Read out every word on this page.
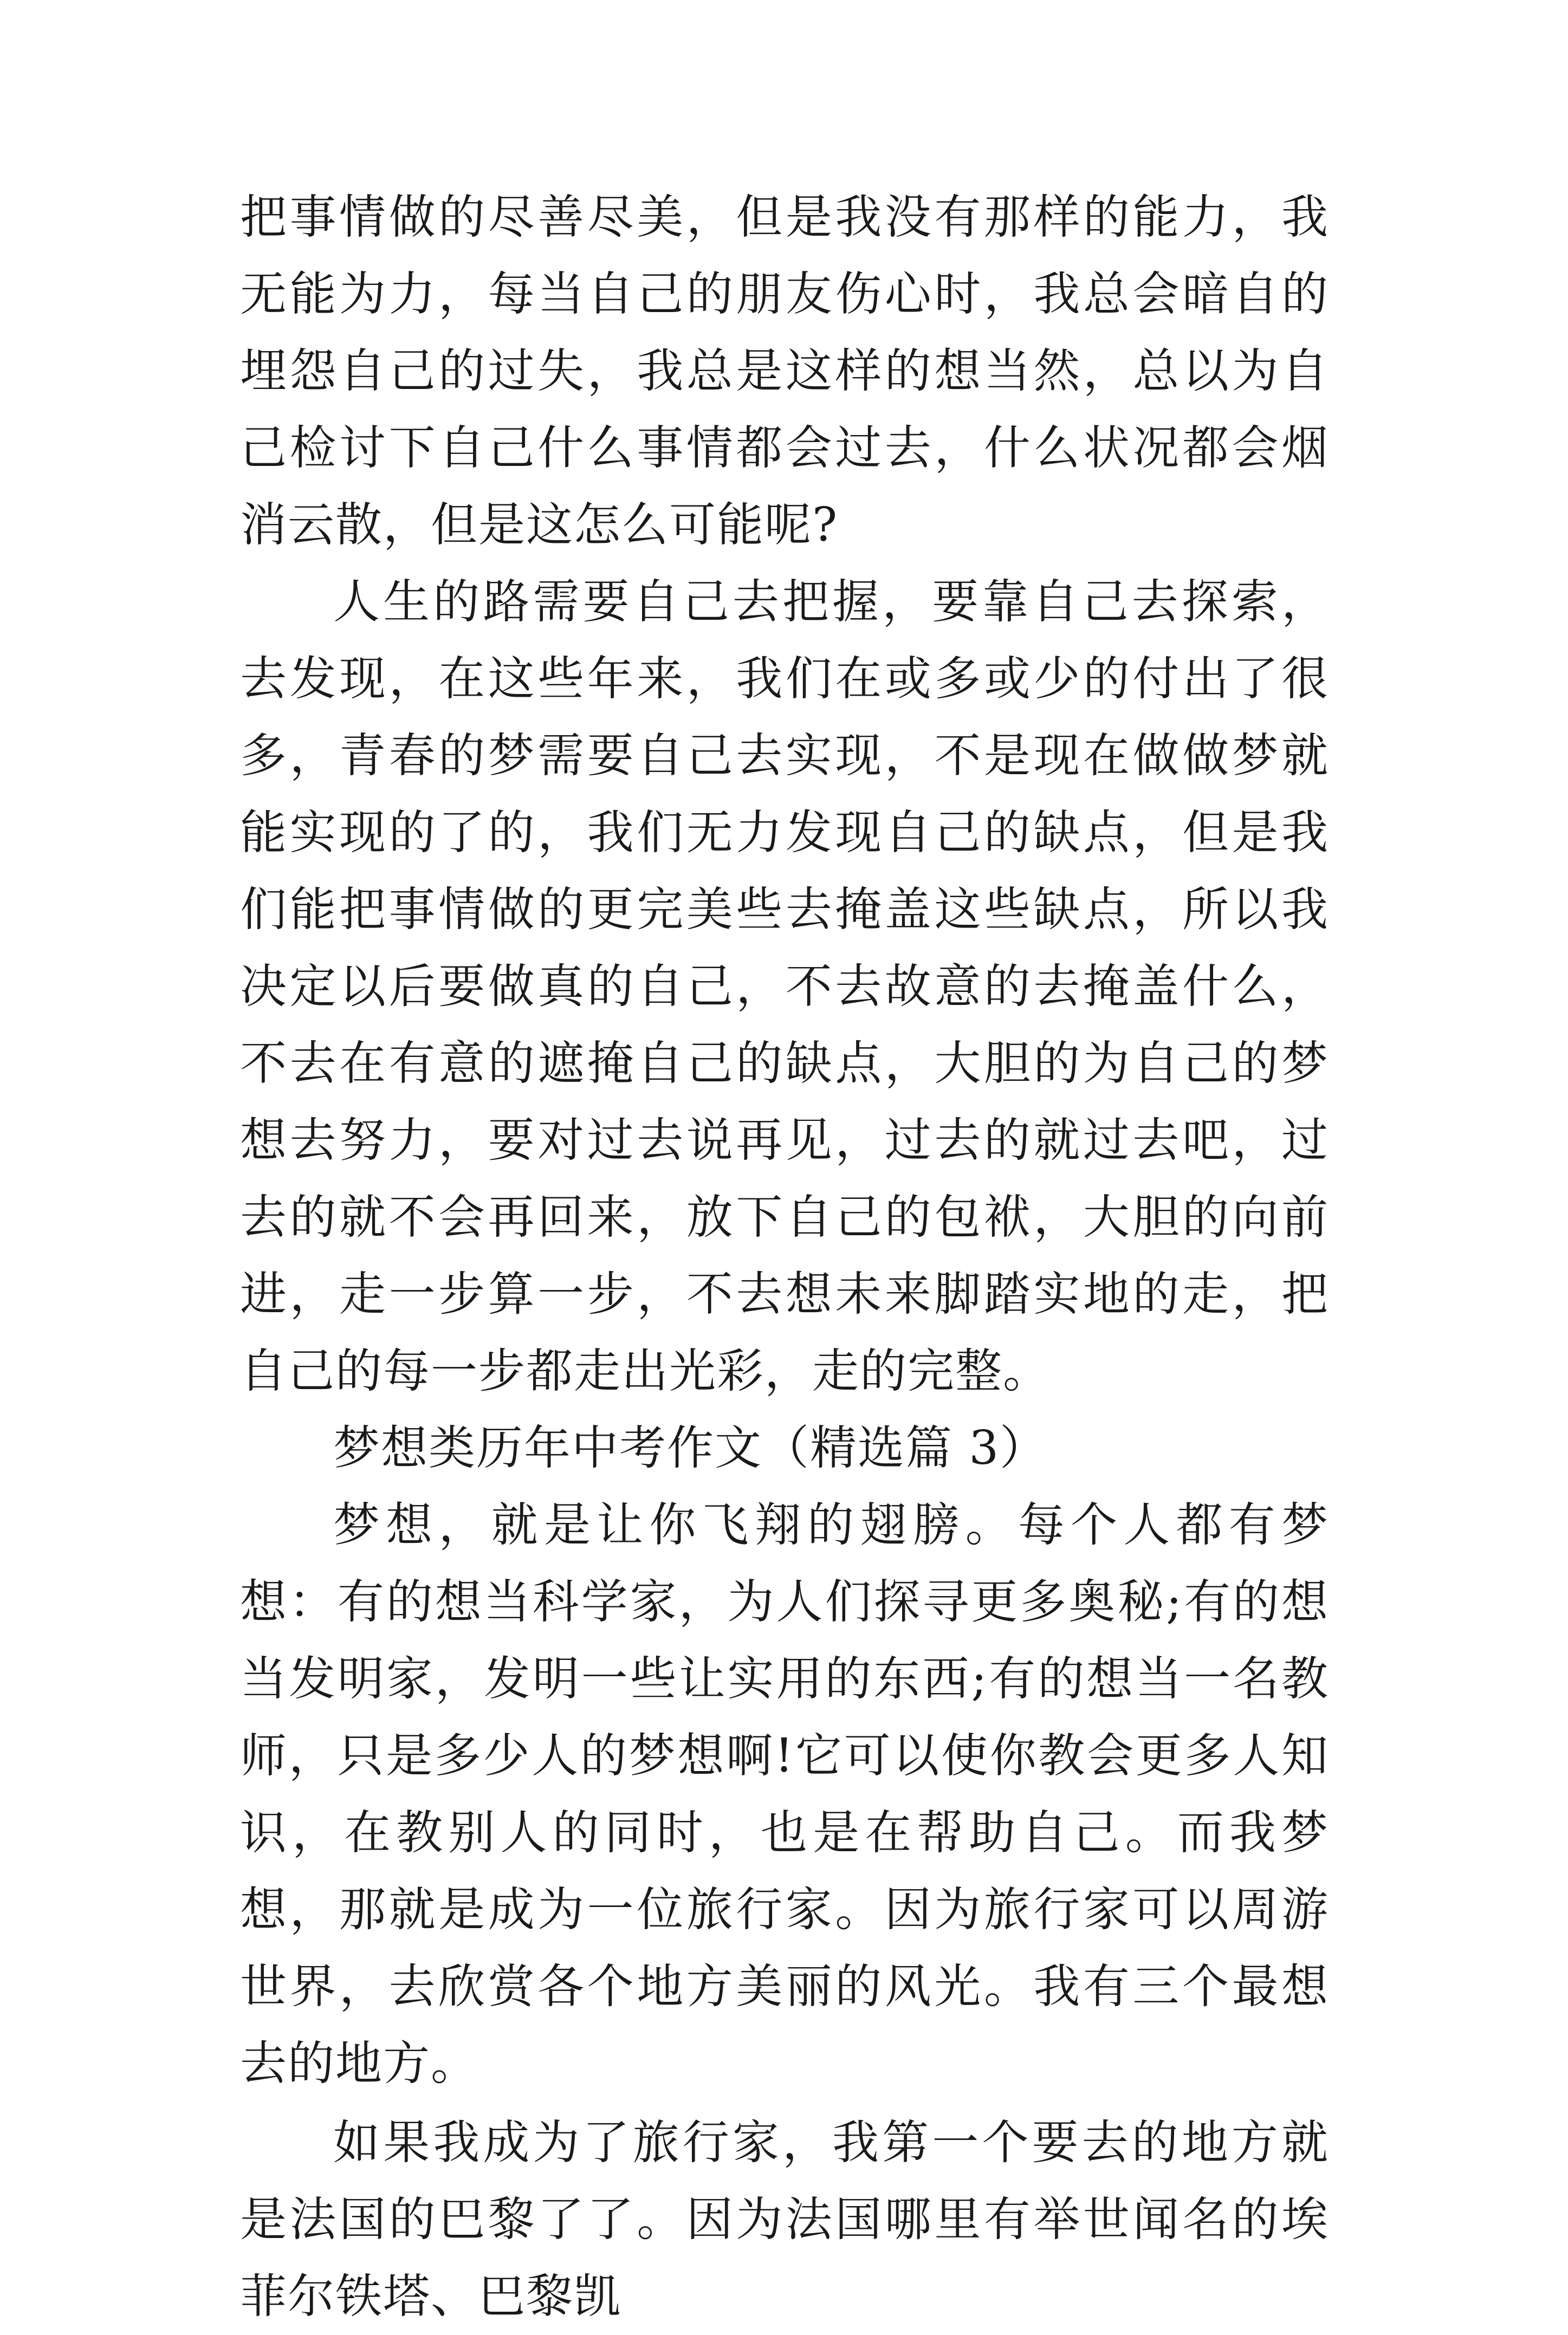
把事情做的尽善尽美，但是我没有那样的能力，我无能为力，每当自己的朋友伤心时，我总会暗自的埋怨自己的过失，我总是这样的想当然，总以为自己检讨下自己什么事情都会过去，什么状况都会烟消云散，但是这怎么可能呢?

人生的路需要自己去把握，要靠自己去探索，去发现，在这些年来，我们在或多或少的付出了很多，青春的梦需要自己去实现，不是现在做做梦就能实现的了的，我们无力发现自己的缺点，但是我们能把事情做的更完美些去掩盖这些缺点，所以我决定以后要做真的自己，不去故意的去掩盖什么，不去在有意的遮掩自己的缺点，大胆的为自己的梦想去努力，要对过去说再见，过去的就过去吧，过去的就不会再回来，放下自己的包袱，大胆的向前进，走一步算一步，不去想未来脚踏实地的走，把自己的每一步都走出光彩，走的完整。

梦想类历年中考作文（精选篇 3）

梦想，就是让你飞翔的翅膀。每个人都有梦想：有的想当科学家，为人们探寻更多奥秘;有的想当发明家，发明一些让实用的东西;有的想当一名教师，只是多少人的梦想啊!它可以使你教会更多人知识，在教别人的同时，也是在帮助自己。而我梦想，那就是成为一位旅行家。因为旅行家可以周游世界，去欣赏各个地方美丽的风光。我有三个最想去的地方。

如果我成为了旅行家，我第一个要去的地方就是法国的巴黎了了。因为法国哪里有举世闻名的埃菲尔铁塔、巴黎凯
